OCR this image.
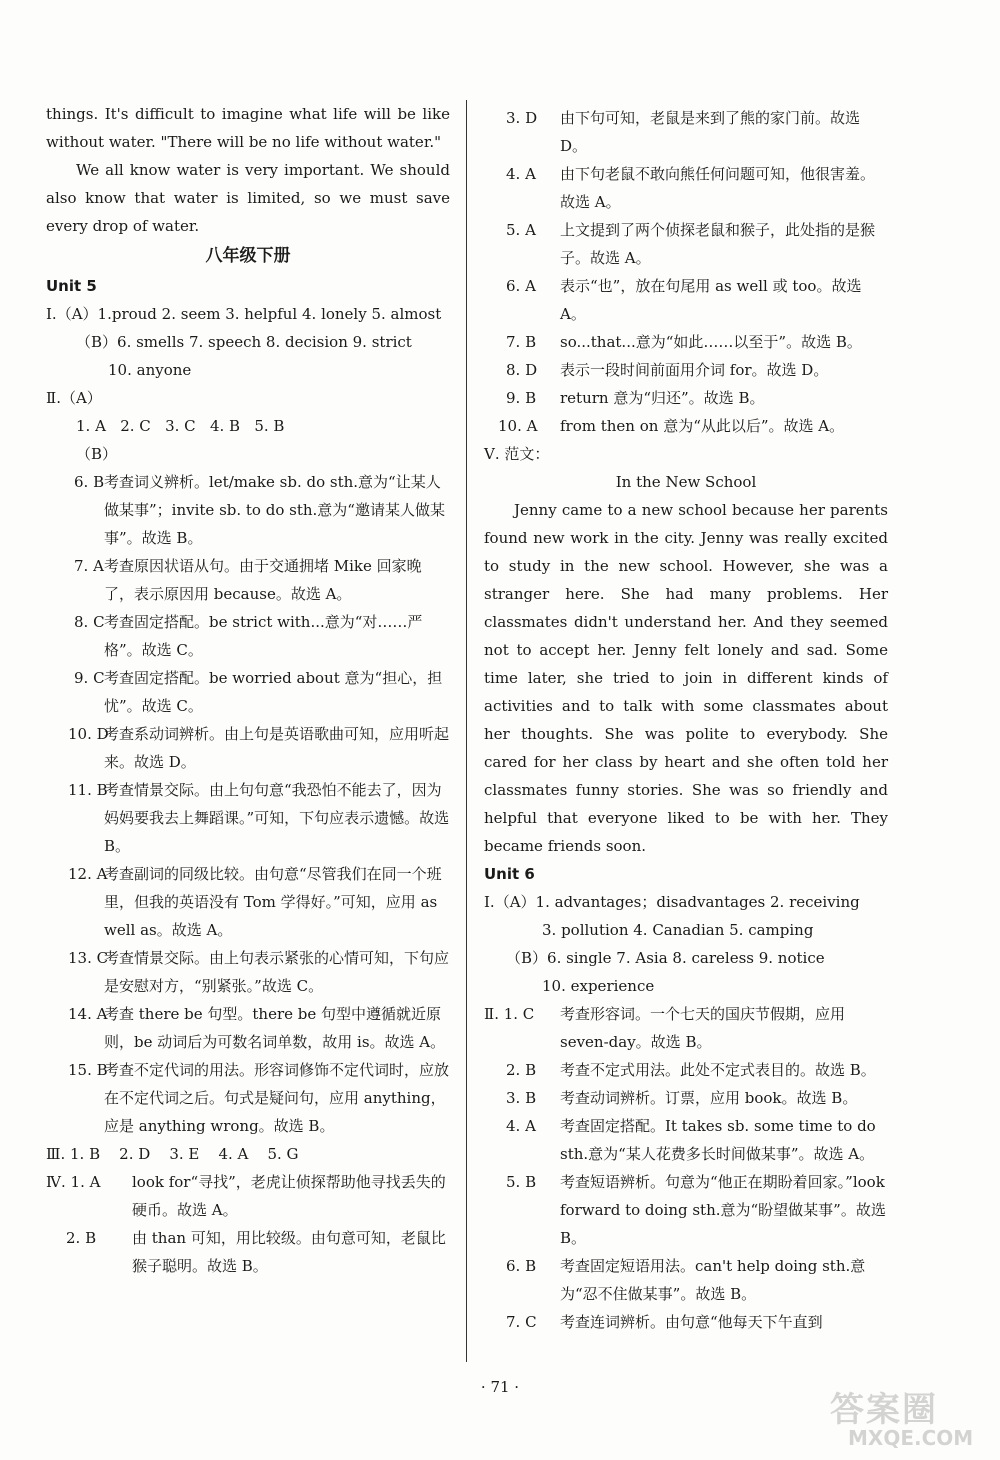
things. It's difficult to imagine what life will be like without water. "There will be no life without water."
We all know water is very important. We should also know that water is limited, so we must save every drop of water.
八年级下册
Unit 5
Ⅰ.（A）1.proud 2. seem 3. helpful 4. lonely 5. almost
（B）6. smells 7. speech 8. decision 9. strict
10. anyone
Ⅱ.（A）
1. A   2. C   3. C   4. B   5. B
（B）
6. B 考查词义辨析。let/make sb. do sth.意为“让某人做某事”；invite sb. to do sth.意为“邀请某人做某事”。故选 B。
7. A 考查原因状语从句。由于交通拥堵 Mike 回家晚了，表示原因用 because。故选 A。
8. C 考查固定搭配。be strict with...意为“对……严格”。故选 C。
9. C 考查固定搭配。be worried about 意为“担心，担忧”。故选 C。
10. D
考查系动词辨析。由上句是英语歌曲可知，应用听起来。故选 D。
11. B
考查情景交际。由上句句意“我恐怕不能去了，因为妈妈要我去上舞蹈课。”可知，下句应表示遗憾。故选 B。
12. A
考查副词的同级比较。由句意“尽管我们在同一个班里，但我的英语没有 Tom 学得好。”可知，应用 as well as。故选 A。
13. C
考查情景交际。由上句表示紧张的心情可知，下句应是安慰对方，“别紧张。”故选 C。
14. A
考查 there be 句型。there be 句型中遵循就近原则，be 动词后为可数名词单数，故用 is。故选 A。
15. B
考查不定代词的用法。形容词修饰不定代词时，应放在不定代词之后。句式是疑问句，应用 anything，应是 anything wrong。故选 B。
Ⅲ. 1. B    2. D    3. E    4. A    5. G
Ⅳ. 1. A	look for“寻找”，老虎让侦探帮助他寻找丢失的硬币。故选 A。
2. B	由 than 可知，用比较级。由句意可知，老鼠比猴子聪明。故选 B。
3. D	由下句可知，老鼠是来到了熊的家门前。故选 D。
4. A	由下句老鼠不敢向熊任何问题可知，他很害羞。故选 A。
5. A	上文提到了两个侦探老鼠和猴子，此处指的是猴子。故选 A。
6. A	表示“也”，放在句尾用 as well 或 too。故选 A。
7. B	so...that...意为“如此……以至于”。故选 B。
8. D	表示一段时间前面用介词 for。故选 D。
9. B	return 意为“归还”。故选 B。
10. A	from then on 意为“从此以后”。故选 A。
Ⅴ. 范文：
In the New School
Jenny came to a new school because her parents found new work in the city. Jenny was really excited to study in the new school. However, she was a stranger here. She had many problems. Her classmates didn't understand her. And they seemed not to accept her. Jenny felt lonely and sad. Some time later, she tried to join in different kinds of activities and to talk with some classmates about her thoughts. She was polite to everybody. She cared for her class by heart and she often told her classmates funny stories. She was so friendly and helpful that everyone liked to be with her. They became friends soon.
Unit 6
Ⅰ.（A）1. advantages；disadvantages 2. receiving
3. pollution 4. Canadian 5. camping
（B）6. single 7. Asia 8. careless 9. notice
10. experience
Ⅱ. 1. C	考查形容词。一个七天的国庆节假期，应用 seven-day。故选 B。
2. B	考查不定式用法。此处不定式表目的。故选 B。
3. B	考查动词辨析。订票，应用 book。故选 B。
4. A	考查固定搭配。It takes sb. some time to do sth.意为“某人花费多长时间做某事”。故选 A。
5. B	考查短语辨析。句意为“他正在期盼着回家。”look forward to doing sth.意为“盼望做某事”。故选 B。
6. B	考查固定短语用法。can't help doing sth.意为“忍不住做某事”。故选 B。
7. C	考查连词辨析。由句意“他每天下午直到
· 71 ·
答案圈
MXQE.COM
